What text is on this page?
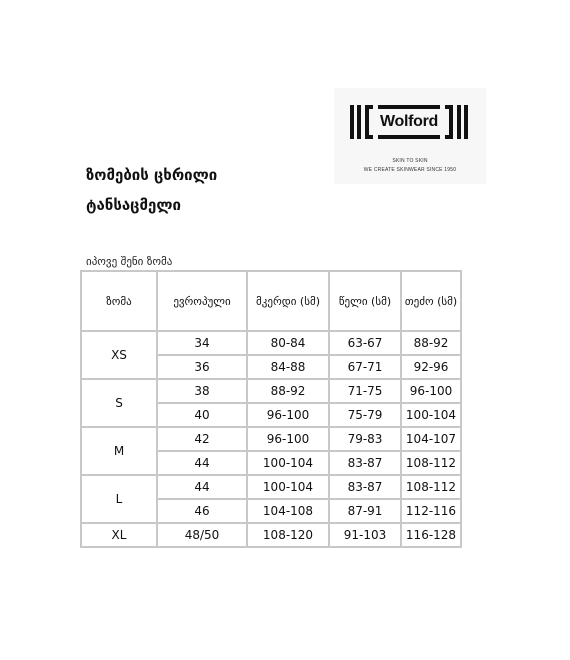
Wolford
SKIN TO SKIN
WE CREATE SKINWEAR SINCE 1950
ზომების ცხრილი
ტანსაცმელი
იპოვე შენი ზომა
ზომა	ევროპული	მკერდი (სმ)	წელი (სმ)	თეძო (სმ)
XS	34	80-84	63-67	88-92
	36	84-88	67-71	92-96
S	38	88-92	71-75	96-100
	40	96-100	75-79	100-104
M	42	96-100	79-83	104-107
	44	100-104	83-87	108-112
L	44	100-104	83-87	108-112
	46	104-108	87-91	112-116
XL	48/50	108-120	91-103	116-128
